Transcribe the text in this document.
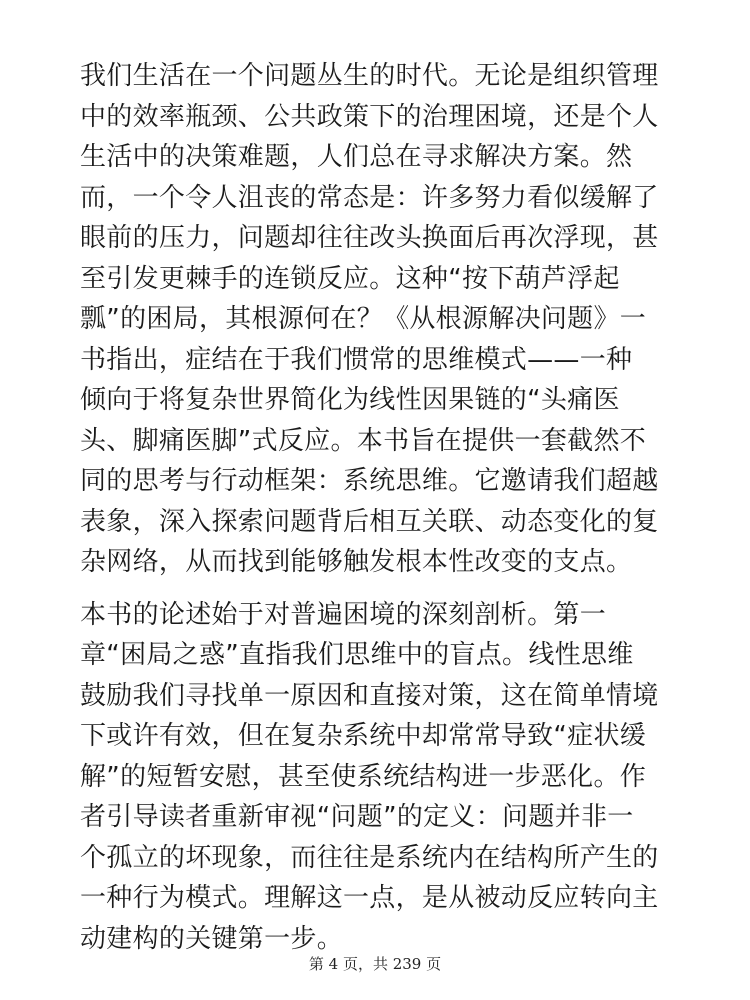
我们生活在一个问题丛生的时代。无论是组织管理
中的效率瓶颈、公共政策下的治理困境，还是个人
生活中的决策难题，人们总在寻求解决方案。然
而，一个令人沮丧的常态是：许多努力看似缓解了
眼前的压力，问题却往往改头换面后再次浮现，甚
至引发更棘手的连锁反应。这种“按下葫芦浮起
瓢”的困局，其根源何在？《从根源解决问题》一
书指出，症结在于我们惯常的思维模式——一种
倾向于将复杂世界简化为线性因果链的“头痛医
头、脚痛医脚”式反应。本书旨在提供一套截然不
同的思考与行动框架：系统思维。它邀请我们超越
表象，深入探索问题背后相互关联、动态变化的复
杂网络，从而找到能够触发根本性改变的支点。

本书的论述始于对普遍困境的深刻剖析。第一
章“困局之惑”直指我们思维中的盲点。线性思维
鼓励我们寻找单一原因和直接对策，这在简单情境
下或许有效，但在复杂系统中却常常导致“症状缓
解”的短暂安慰，甚至使系统结构进一步恶化。作
者引导读者重新审视“问题”的定义：问题并非一
个孤立的坏现象，而往往是系统内在结构所产生的
一种行为模式。理解这一点，是从被动反应转向主
动建构的关键第一步。

第 4 页，共 239 页
